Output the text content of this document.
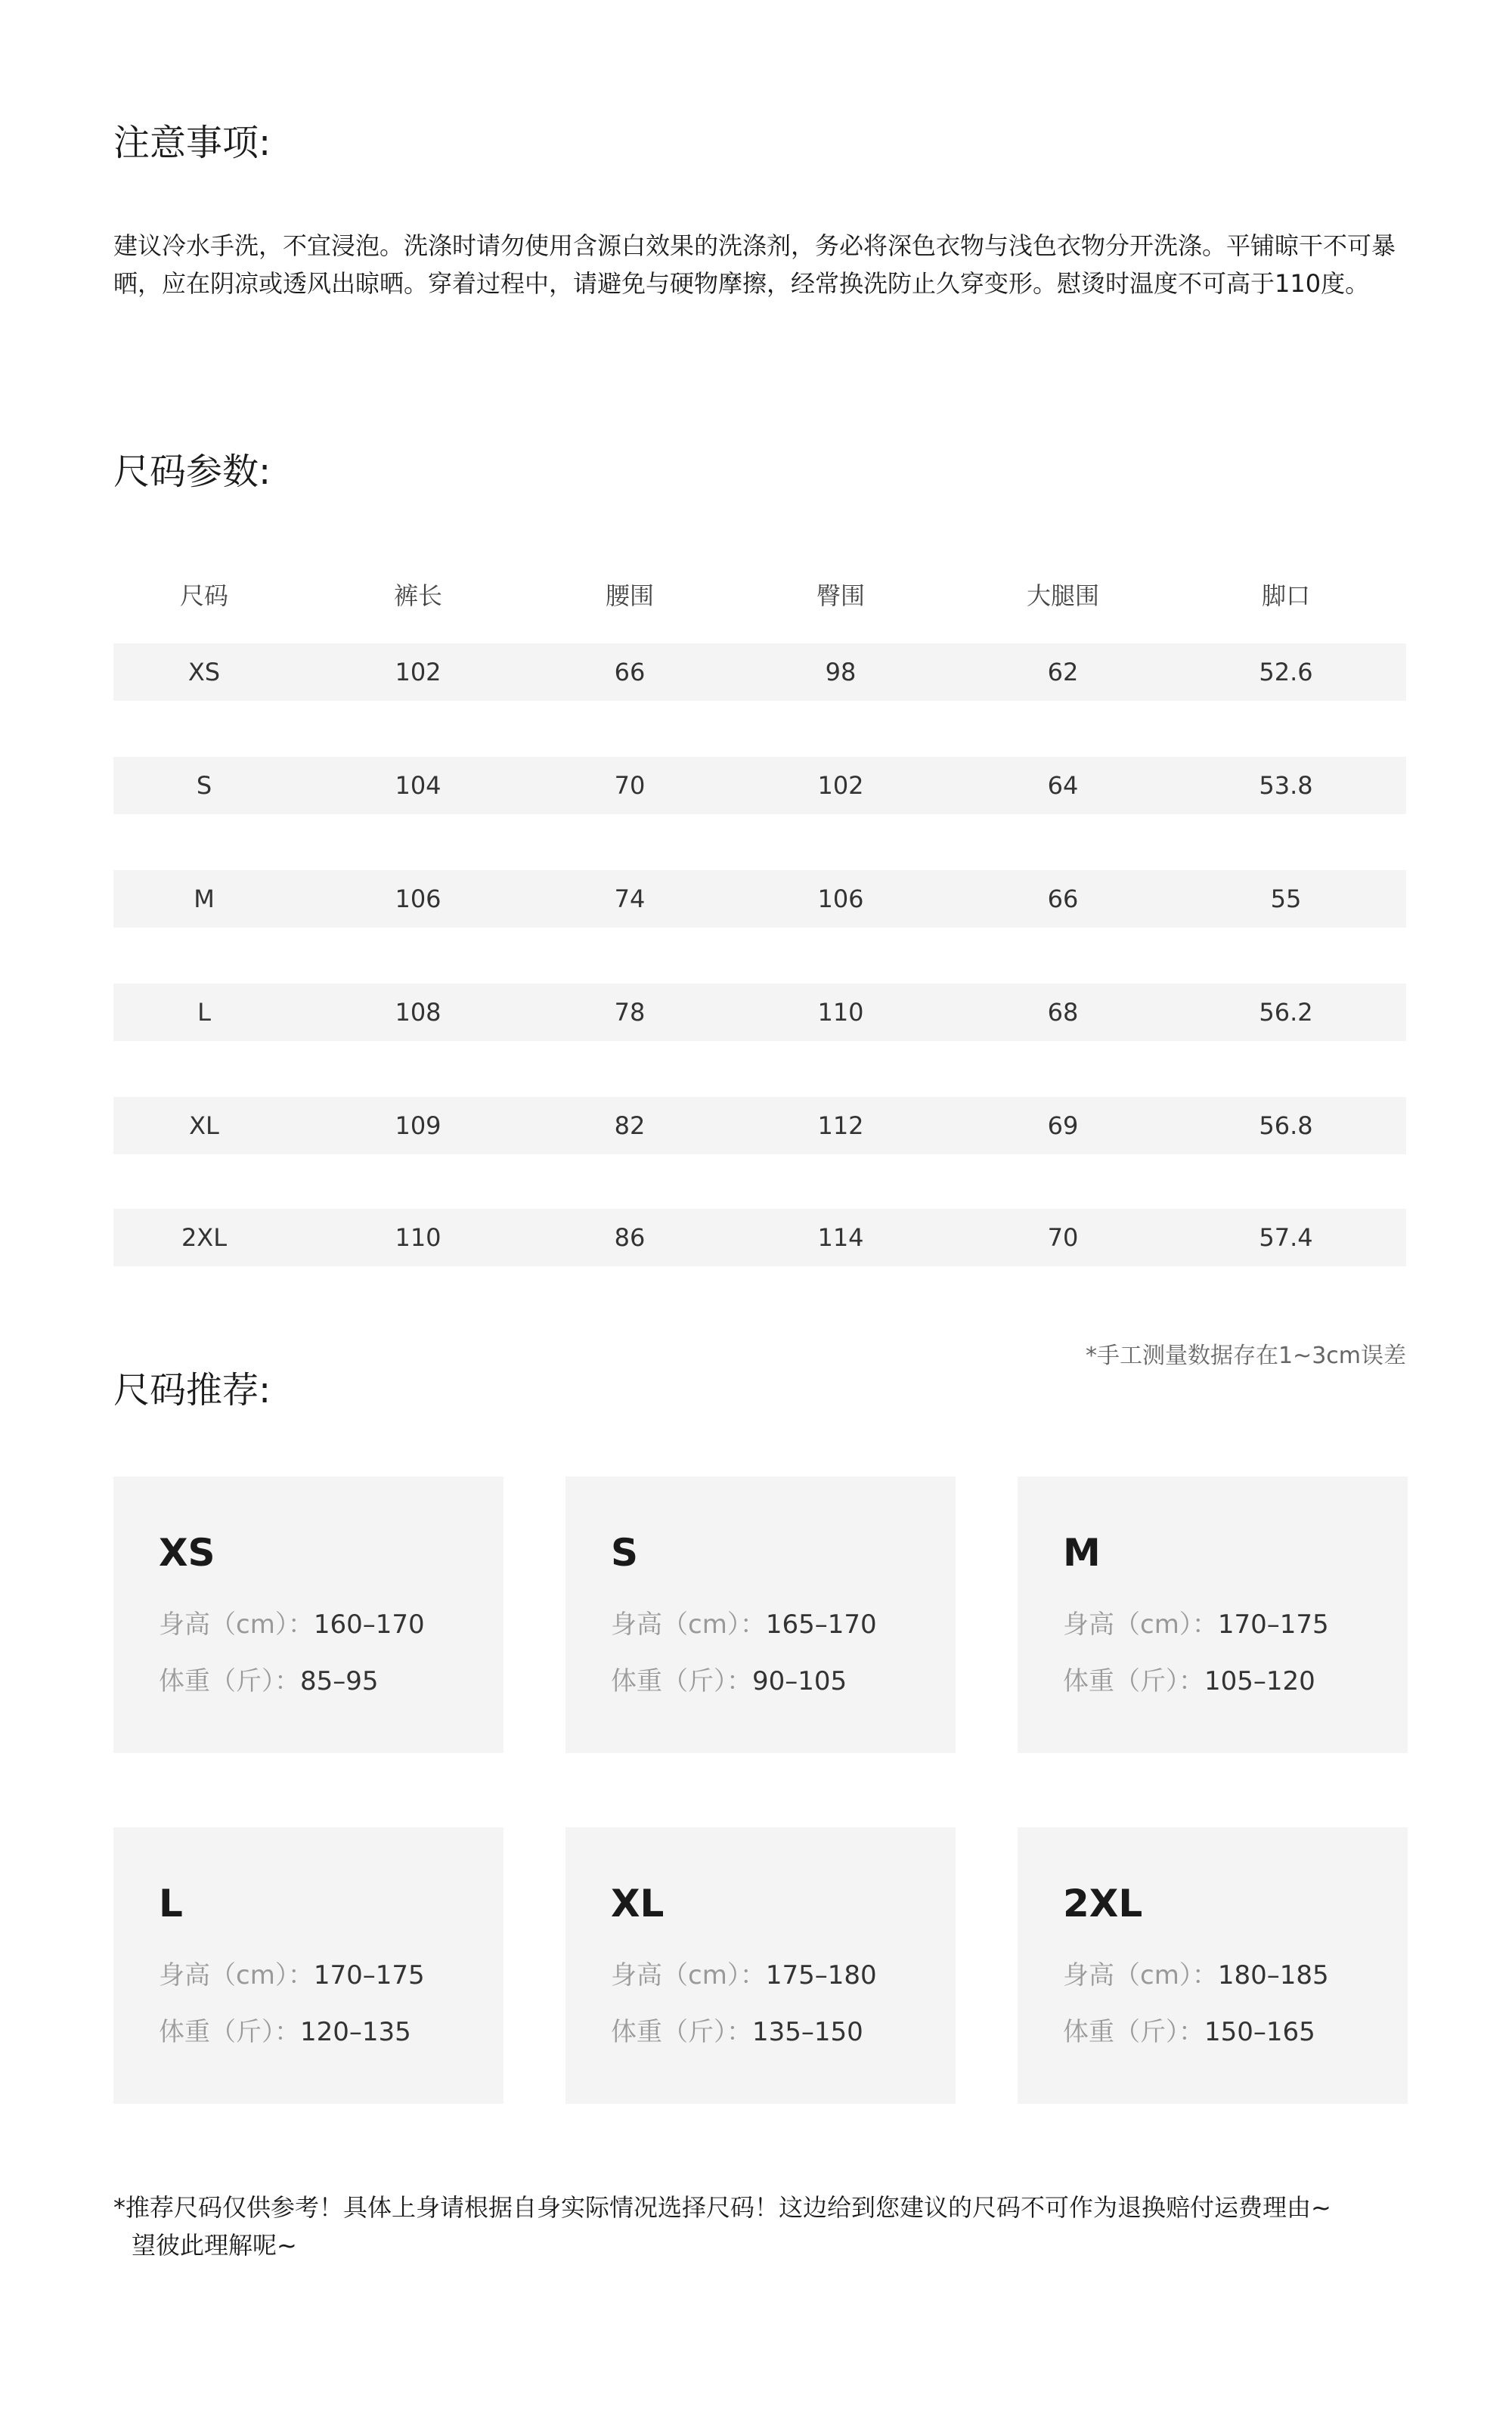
注意事项:

建议冷水手洗，不宜浸泡。洗涤时请勿使用含源白效果的洗涤剂，务必将深色衣物与浅色衣物分开洗涤。平铺晾干不可暴晒，应在阴凉或透风出晾晒。穿着过程中，请避免与硬物摩擦，经常换洗防止久穿变形。慰烫时温度不可高于110度。

尺码参数:
尺码	裤长	腰围	臀围	大腿围	脚口
XS	102	66	98	62	52.6
S	104	70	102	64	53.8
M	106	74	106	66	55
L	108	78	110	68	56.2
XL	109	82	112	69	56.8
2XL	110	86	114	70	57.4
*手工测量数据存在1~3cm误差
尺码推荐:
XS
身高（cm）：160–170
体重（斤）：85–95
S
身高（cm）：165–170
体重（斤）：90–105
M
身高（cm）：170–175
体重（斤）：105–120
L
身高（cm）：170–175
体重（斤）：120–135
XL
身高（cm）：175–180
体重（斤）：135–150
2XL
身高（cm）：180–185
体重（斤）：150–165

*推荐尺码仅供参考！具体上身请根据自身实际情况选择尺码！这边给到您建议的尺码不可作为退换赔付运费理由~
望彼此理解呢~
